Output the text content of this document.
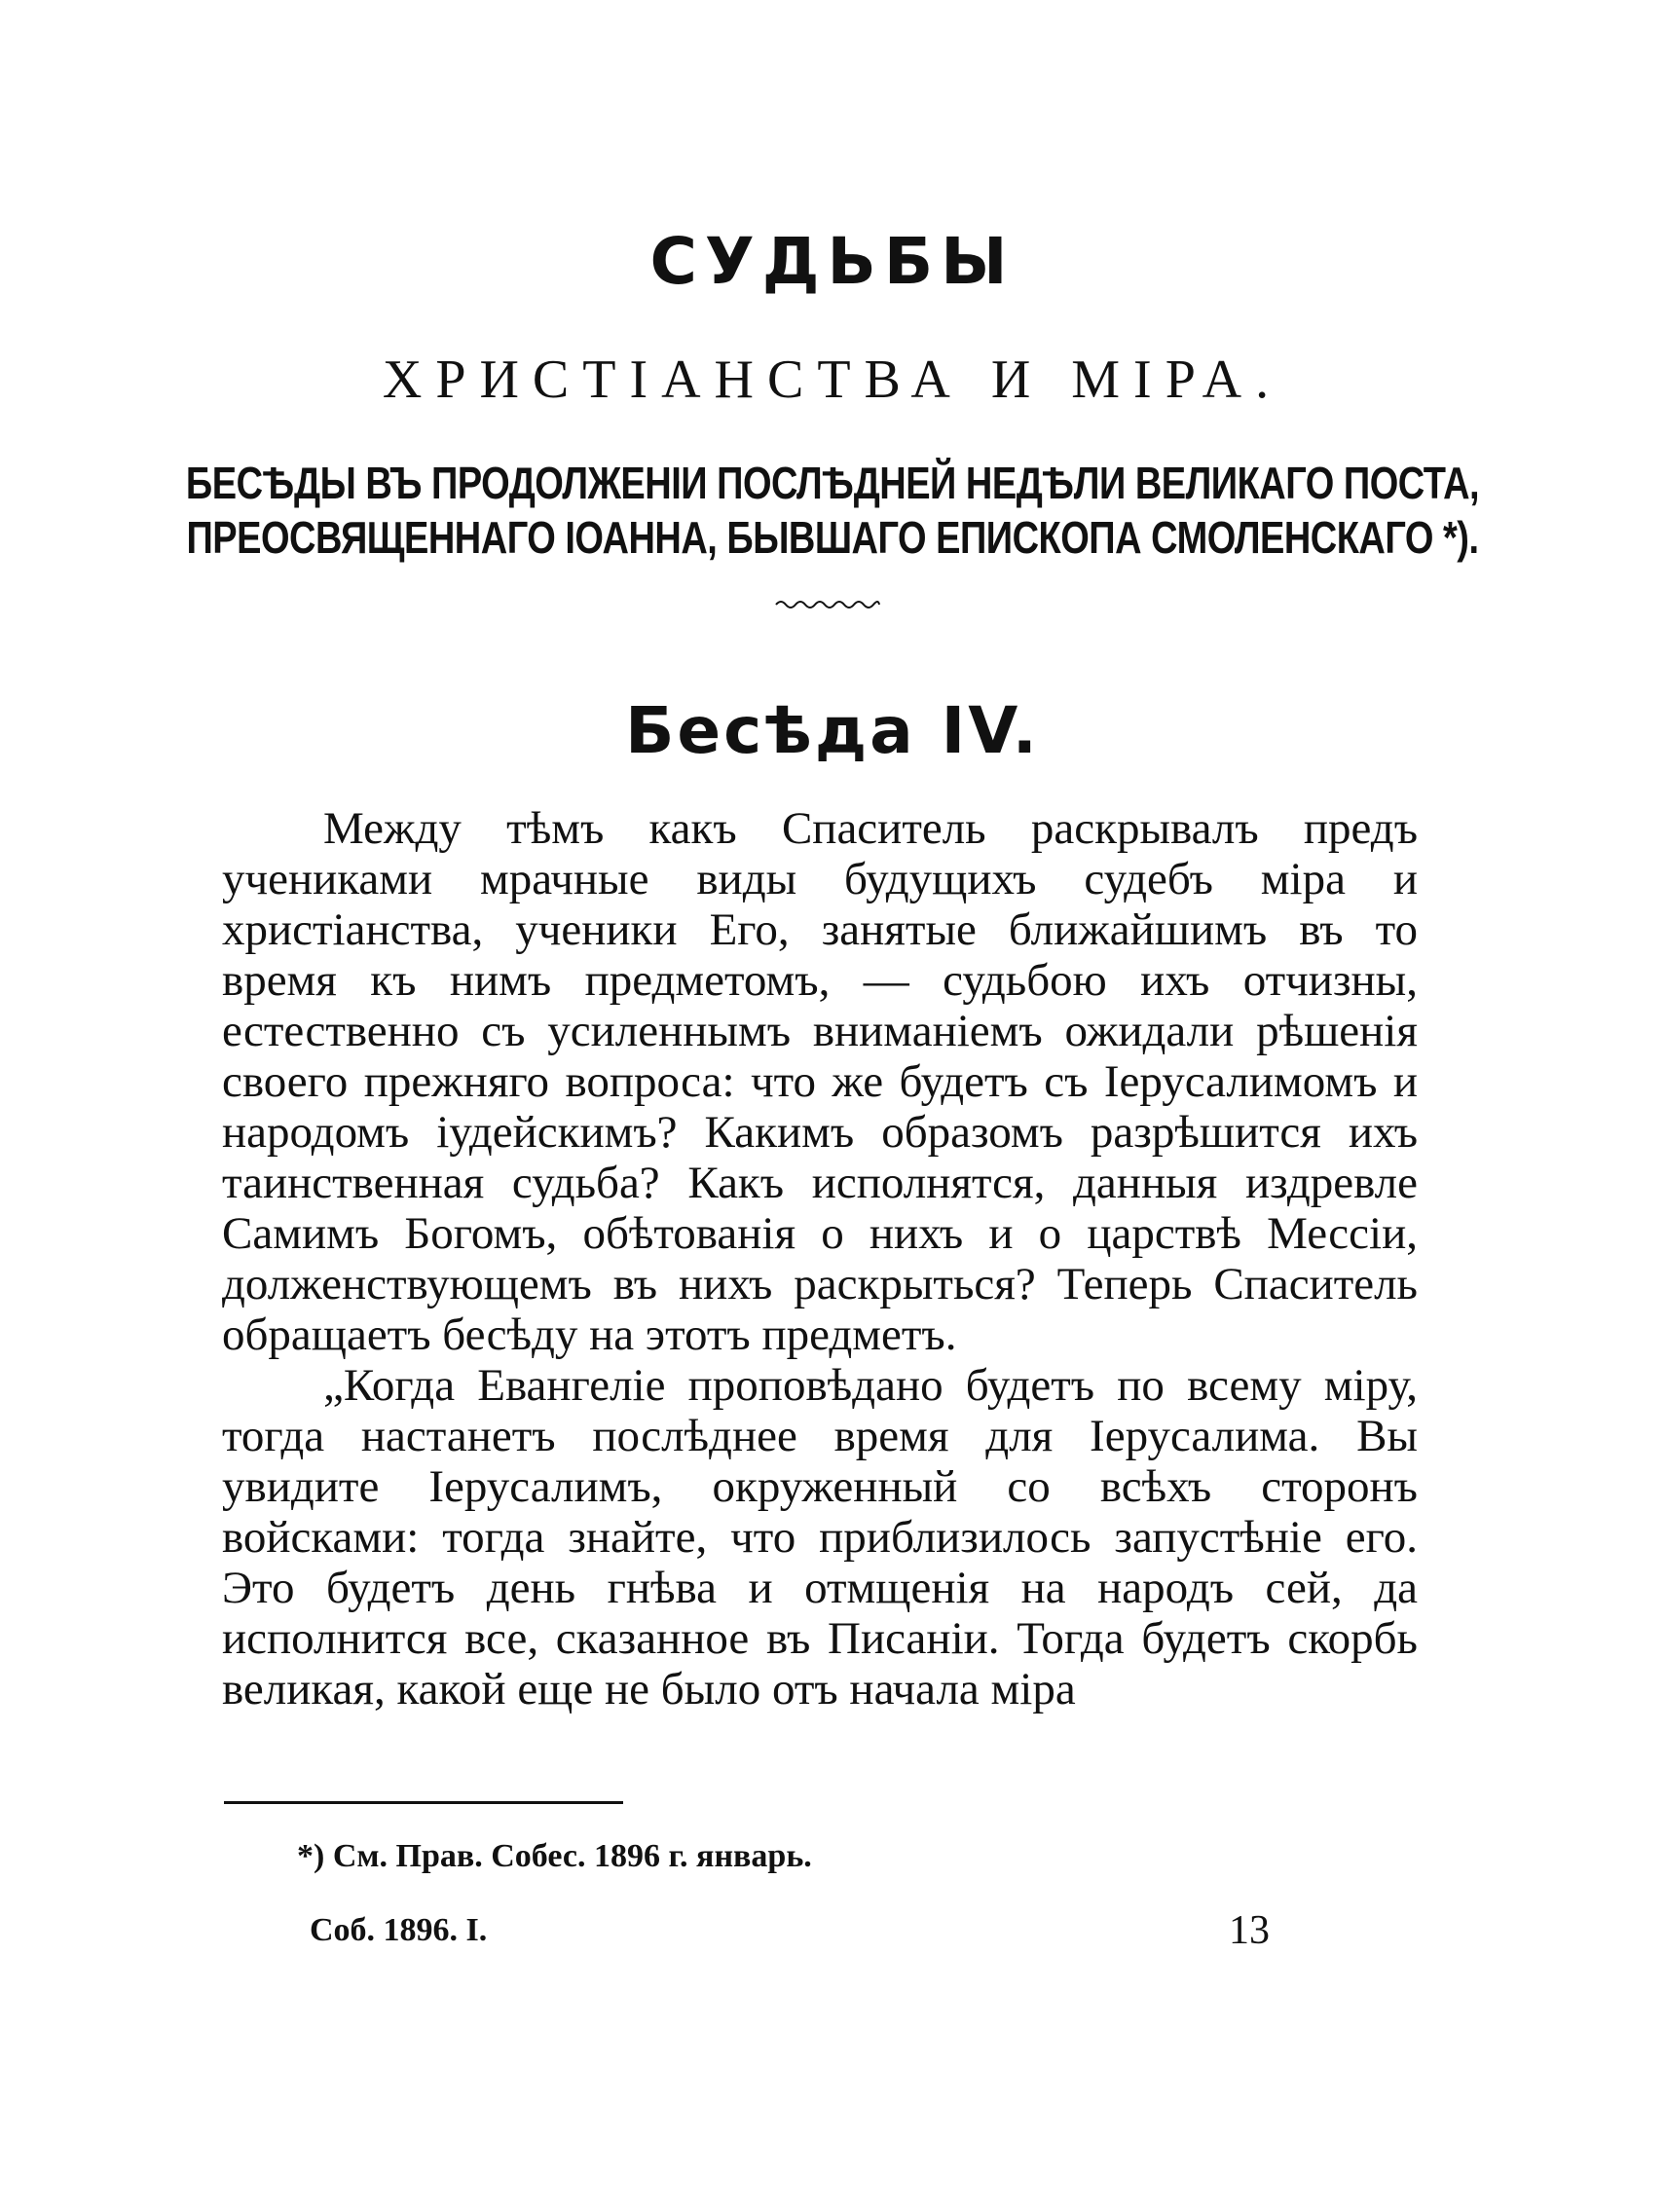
СУДЬБЫ
ХРИСТІАНСТВА И МІРА.
БЕСѢДЫ ВЪ ПРОДОЛЖЕНІИ ПОСЛѢДНЕЙ НЕДѢЛИ ВЕЛИКАГО ПОСТА,
ПРЕОСВЯЩЕННАГО ІОАННА, БЫВШАГО ЕПИСКОПА СМОЛЕНСКАГО *).
Бесѣда IV.

Между тѣмъ какъ Спаситель раскрывалъ предъ учениками мрачные виды будущихъ судебъ міра и христіанства, ученики Его, занятые ближайшимъ въ то время къ нимъ предметомъ, — судьбою ихъ отчизны, естественно съ усиленнымъ вниманіемъ ожидали рѣшенія своего прежняго вопроса: что же будетъ съ Іерусалимомъ и народомъ іудейскимъ? Какимъ образомъ разрѣшится ихъ таинственная судьба? Какъ исполнятся, данныя издревле Самимъ Богомъ, обѣтованія о нихъ и о царствѣ Мессіи, долженствующемъ въ нихъ раскрыться? Теперь Спаситель обращаетъ бесѣду на этотъ предметъ.

„Когда Евангеліе проповѣдано будетъ по всему міру, тогда настанетъ послѣднее время для Іерусалима. Вы увидите Іерусалимъ, окруженный со всѣхъ сторонъ войсками: тогда знайте, что приблизилось запустѣніе его. Это будетъ день гнѣва и отмщенія на народъ сей, да исполнится все, сказанное въ Писаніи. Тогда будетъ скорбь великая, какой еще не было отъ начала міра

*) См. Прав. Собес. 1896 г. январь.
Соб. 1896. I.	13
